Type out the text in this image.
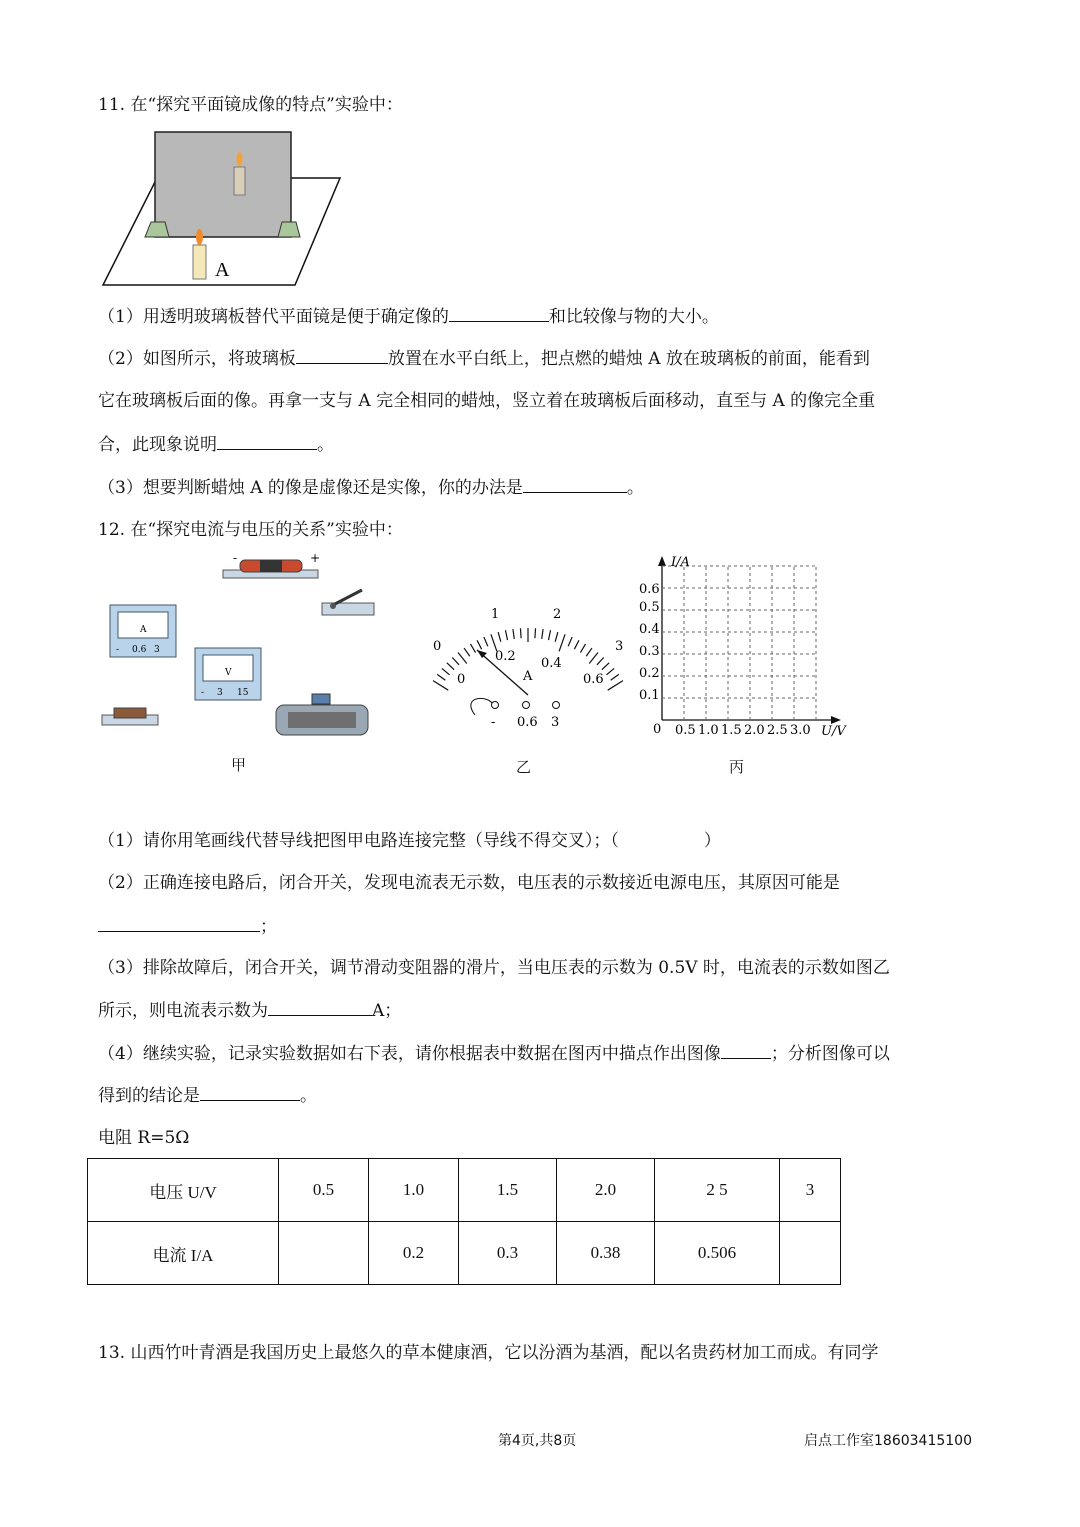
11. 在“探究平面镜成像的特点”实验中：
A
（1）用透明玻璃板替代平面镜是便于确定像的	和比较像与物的大小。
（2）如图所示，将玻璃板	放置在水平白纸上，把点燃的蜡烛 A 放在玻璃板的前面，能看到
它在玻璃板后面的像。再拿一支与 A 完全相同的蜡烛，竖立着在玻璃板后面移动，直至与 A 的像完全重
合，此现象说明	。
（3）想要判断蜡烛 A 的像是虚像还是实像，你的办法是	。
12. 在“探究电流与电压的关系”实验中：
-	+
A
- 0.6 3
V
- 3 15
0
1	2
3
0
0.2 0.4
0.6
A
- 0.6 3
I/A
U/V
0
0.1
0.2
0.3
0.4
0.5
0.6
0.5 1.0 1.5 2.0 2.5 3.0
甲	乙	丙
（1）请你用笔画线代替导线把图甲电路连接完整（导线不得交叉）；（　　　　　）
（2）正确连接电路后，闭合开关，发现电流表无示数，电压表的示数接近电源电压，其原因可能是
；
（3）排除故障后，闭合开关，调节滑动变阻器的滑片，当电压表的示数为 0.5V 时，电流表的示数如图乙
所示，则电流表示数为	A；
（4）继续实验，记录实验数据如右下表，请你根据表中数据在图丙中描点作出图像	；分析图像可以
得到的结论是	。
电阻 R=5Ω
电压 U/V	0.5	1.0	1.5	2.0	2 5	3
电流 I/A		0.2	0.3	0.38	0.506	
13. 山西竹叶青酒是我国历史上最悠久的草本健康酒，它以汾酒为基酒，配以名贵药材加工而成。有同学
第4页,共8页	启点工作室18603415100
